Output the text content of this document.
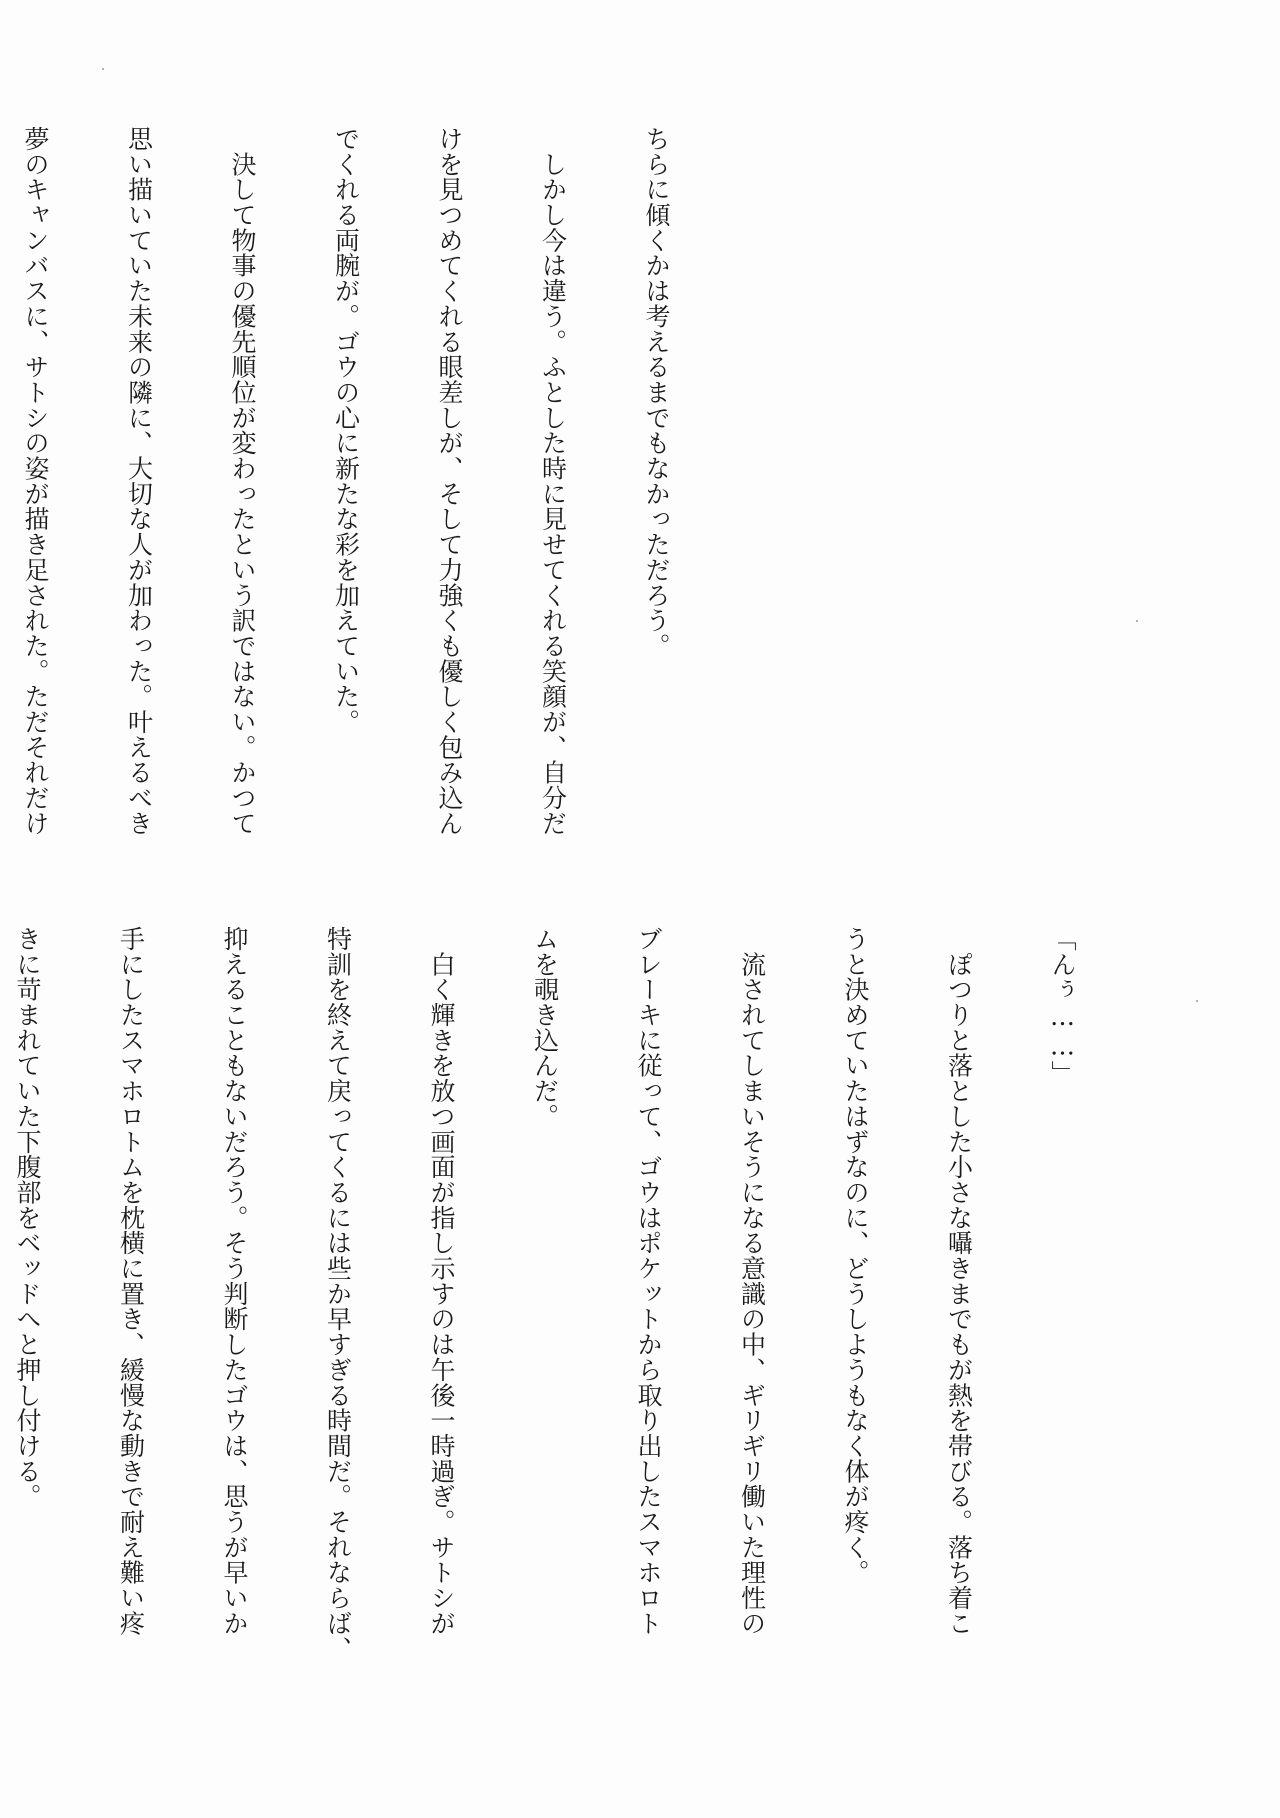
ちらに傾くかは考えるまでもなかっただろう。

　しかし今は違う。ふとした時に見せてくれる笑顔が、自分だ

けを見つめてくれる眼差しが、そして力強くも優しく包み込ん

でくれる両腕が。ゴウの心に新たな彩を加えていた。

　決して物事の優先順位が変わったという訳ではない。かつて

思い描いていた未来の隣に、大切な人が加わった。叶えるべき

夢のキャンバスに、サトシの姿が描き足された。ただそれだけ

「んぅ……」

　ぽつりと落とした小さな囁きまでもが熱を帯びる。落ち着こ

うと決めていたはずなのに、どうしようもなく体が疼く。

　流されてしまいそうになる意識の中、ギリギリ働いた理性の

ブレーキに従って、ゴウはポケットから取り出したスマホロト

ムを覗き込んだ。

　白く輝きを放つ画面が指し示すのは午後一時過ぎ。サトシが

特訓を終えて戻ってくるには些か早すぎる時間だ。それならば、

抑えることもないだろう。そう判断したゴウは、思うが早いか

手にしたスマホロトムを枕横に置き、緩慢な動きで耐え難い疼

きに苛まれていた下腹部をベッドへと押し付ける。
